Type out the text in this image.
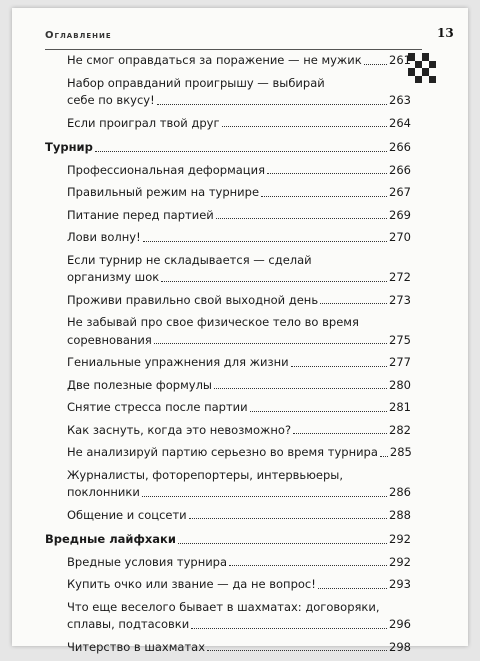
Оглавление	13
Не смог оправдаться за поражение — не мужик 261
Набор оправданий проигрышу — выбирай
себе по вкусу!	263
Если проиграл твой друг	264
Турнир	266
Профессиональная деформация	266
Правильный режим на турнире	267
Питание перед партией	269
Лови волну!	270
Если турнир не складывается — сделай
организму шок	272
Проживи правильно свой выходной день	273
Не забывай про свое физическое тело во время
соревнования	275
Гениальные упражнения для жизни	277
Две полезные формулы	280
Снятие стресса после партии	281
Как заснуть, когда это невозможно?	282
Не анализируй партию серьезно во время турнира 285
Журналисты, фоторепортеры, интервьюеры,
поклонники	286
Общение и соцсети	288
Вредные лайфхаки	292
Вредные условия турнира	292
Купить очко или звание — да не вопрос!	293
Что еще веселого бывает в шахматах: договоряки,
сплавы, подтасовки	296
Читерство в шахматах	298
